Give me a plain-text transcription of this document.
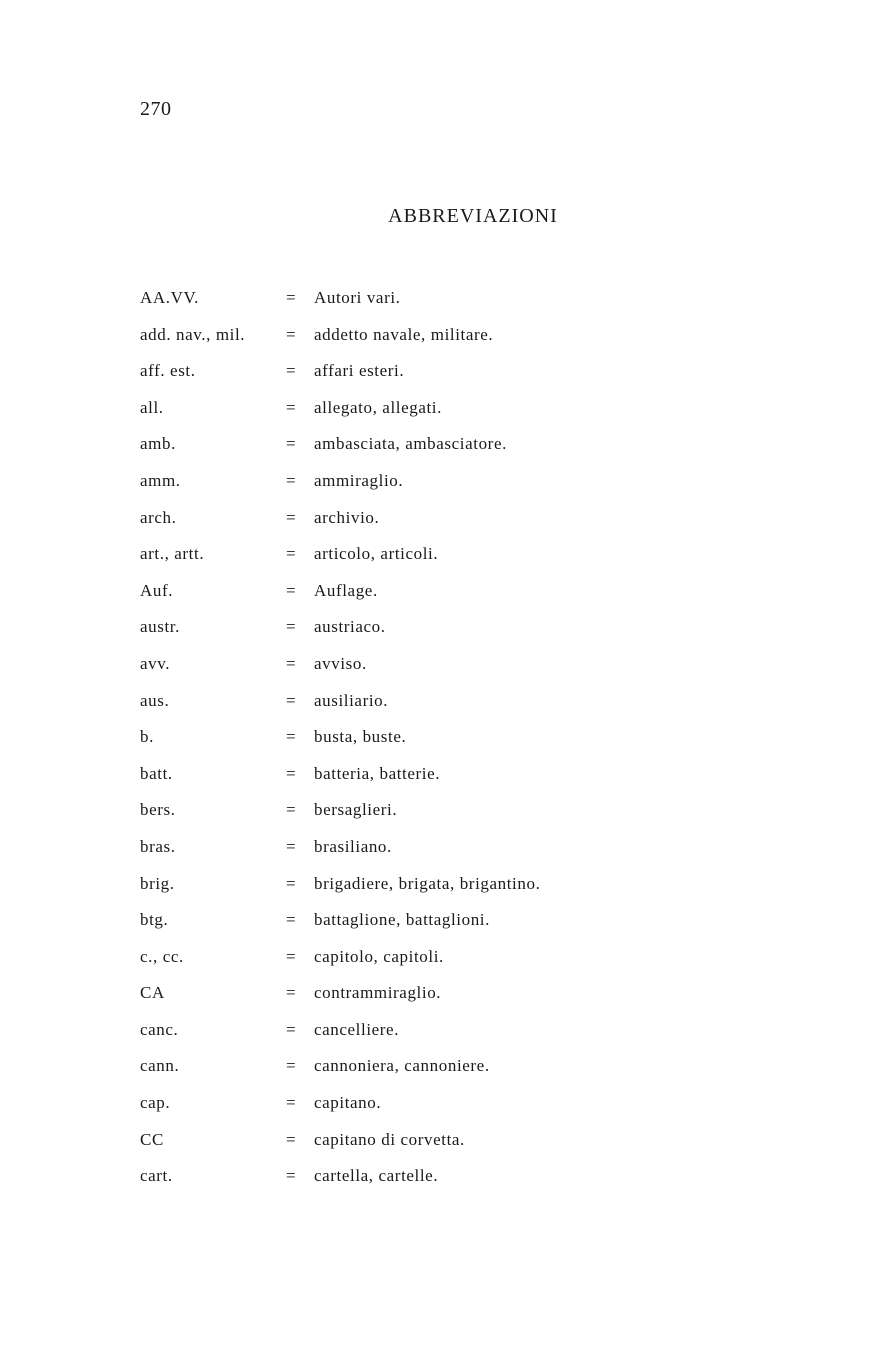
270
ABBREVIAZIONI
AA.VV.	=	Autori vari.
add. nav., mil.	=	addetto navale, militare.
aff. est.	=	affari esteri.
all.	=	allegato, allegati.
amb.	=	ambasciata, ambasciatore.
amm.	=	ammiraglio.
arch.	=	archivio.
art., artt.	=	articolo, articoli.
Auf.	=	Auflage.
austr.	=	austriaco.
avv.	=	avviso.
aus.	=	ausiliario.
b.	=	busta, buste.
batt.	=	batteria, batterie.
bers.	=	bersaglieri.
bras.	=	brasiliano.
brig.	=	brigadiere, brigata, brigantino.
btg.	=	battaglione, battaglioni.
c., cc.	=	capitolo, capitoli.
CA	=	contrammiraglio.
canc.	=	cancelliere.
cann.	=	cannoniera, cannoniere.
cap.	=	capitano.
CC	=	capitano di corvetta.
cart.	=	cartella, cartelle.
